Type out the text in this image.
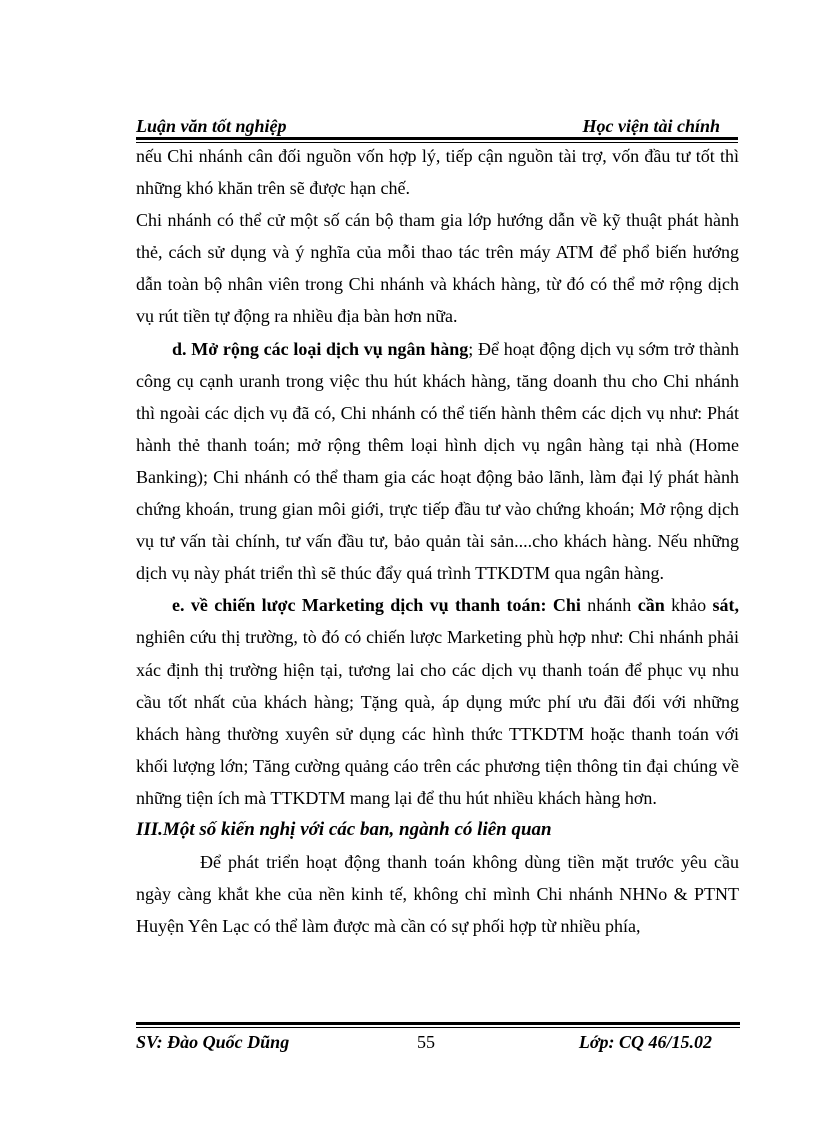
Luận văn tốt nghiệp	Học viện tài chính

nếu Chi nhánh cân đối nguồn vốn hợp lý, tiếp cận nguồn tài trợ, vốn đầu tư tốt thì những khó khăn trên sẽ được hạn chế.

Chi nhánh có thể cử một số cán bộ tham gia lớp hướng dẫn về kỹ thuật phát hành thẻ, cách sử dụng và ý nghĩa của mỗi thao tác trên máy ATM để phổ biến hướng dẫn toàn bộ nhân viên trong Chi nhánh và khách hàng, từ đó có thể mở rộng dịch vụ rút tiền tự động ra nhiều địa bàn hơn nữa.

d. Mở rộng các loại dịch vụ ngân hàng; Để hoạt động dịch vụ sớm trở thành công cụ cạnh uranh trong việc thu hút khách hàng, tăng doanh thu cho Chi nhánh thì ngoài các dịch vụ đã có, Chi nhánh có thể tiến hành thêm các dịch vụ như: Phát hành thẻ thanh toán; mở rộng thêm loại hình dịch vụ ngân hàng tại nhà (Home Banking); Chi nhánh có thể tham gia các hoạt động bảo lãnh, làm đại lý phát hành chứng khoán, trung gian môi giới, trực tiếp đầu tư vào chứng khoán; Mở rộng dịch vụ tư vấn tài chính, tư vấn đầu tư, bảo quản tài sản....cho khách hàng. Nếu những dịch vụ này phát triển thì sẽ thúc đẩy quá trình TTKDTM qua ngân hàng.

e. về chiến lược Marketing dịch vụ thanh toán: Chi nhánh cần khảo sát, nghiên cứu thị trường, tò đó có chiến lược Marketing phù hợp như: Chi nhánh phải xác định thị trường hiện tại, tương lai cho các dịch vụ thanh toán để phục vụ nhu cầu tốt nhất của khách hàng; Tặng quà, áp dụng mức phí ưu đãi đối với những khách hàng thường xuyên sử dụng các hình thức TTKDTM hoặc thanh toán với khối lượng lớn; Tăng cường quảng cáo trên các phương tiện thông tin đại chúng về những tiện ích mà TTKDTM mang lại để thu hút nhiều khách hàng hơn.

III.Một số kiến nghị với các ban, ngành có liên quan

Để phát triển hoạt động thanh toán không dùng tiền mặt trước yêu cầu ngày càng khắt khe của nền kinh tế, không chỉ mình Chi nhánh NHNo & PTNT Huyện Yên Lạc có thể làm được mà cần có sự phối hợp từ nhiều phía,

SV: Đào Quốc Dũng	55	Lớp: CQ 46/15.02
